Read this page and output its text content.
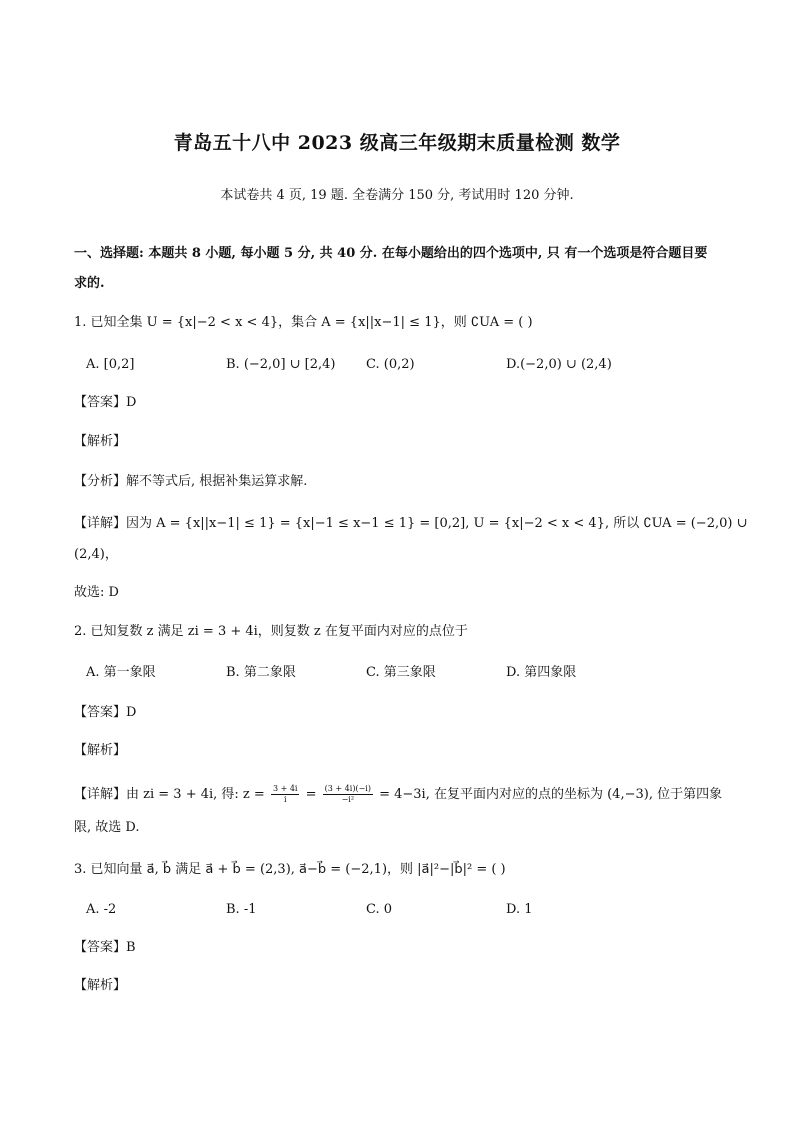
青岛五十八中 2023 级高三年级期末质量检测 数学
本试卷共 4 页, 19 题. 全卷满分 150 分, 考试用时 120 分钟.
一、选择题: 本题共 8 小题, 每小题 5 分, 共 40 分. 在每小题给出的四个选项中, 只 有一个选项是符合题目要
求的.
1. 已知全集 U = {x|−2 < x < 4}，集合 A = {x||x−1| ≤ 1}，则 ∁UA = ( )
A. [0,2]	B. (−2,0] ∪ [2,4) C. (0,2)	D.(−2,0) ∪ (2,4)
【答案】D
【解析】
【分析】解不等式后, 根据补集运算求解.
【详解】因为 A = {x||x−1| ≤ 1} = {x|−1 ≤ x−1 ≤ 1} = [0,2], U = {x|−2 < x < 4}, 所以 ∁UA = (−2,0) ∪
(2,4)，
故选: D
2. 已知复数 z 满足 zi = 3 + 4i，则复数 z 在复平面内对应的点位于
A. 第一象限	B. 第二象限	C. 第三象限	D. 第四象限
【答案】D
【解析】
【详解】由 zi = 3 + 4i, 得: $z = \frac{3 + 4i}{i} = \frac{(3 + 4i)(-i)}{\text{−i²}} = 4-3i$, 在复平面内对应的点的坐标为 (4,−3), 位于第四象
限, 故选 D.
3. 已知向量 a⃗, b⃗ 满足 a⃗ + b⃗ = (2,3), a⃗−b⃗ = (−2,1)，则 |a⃗|²−|b⃗|² = ( )
A. -2	B. -1	C. 0	D. 1
【答案】B
【解析】
